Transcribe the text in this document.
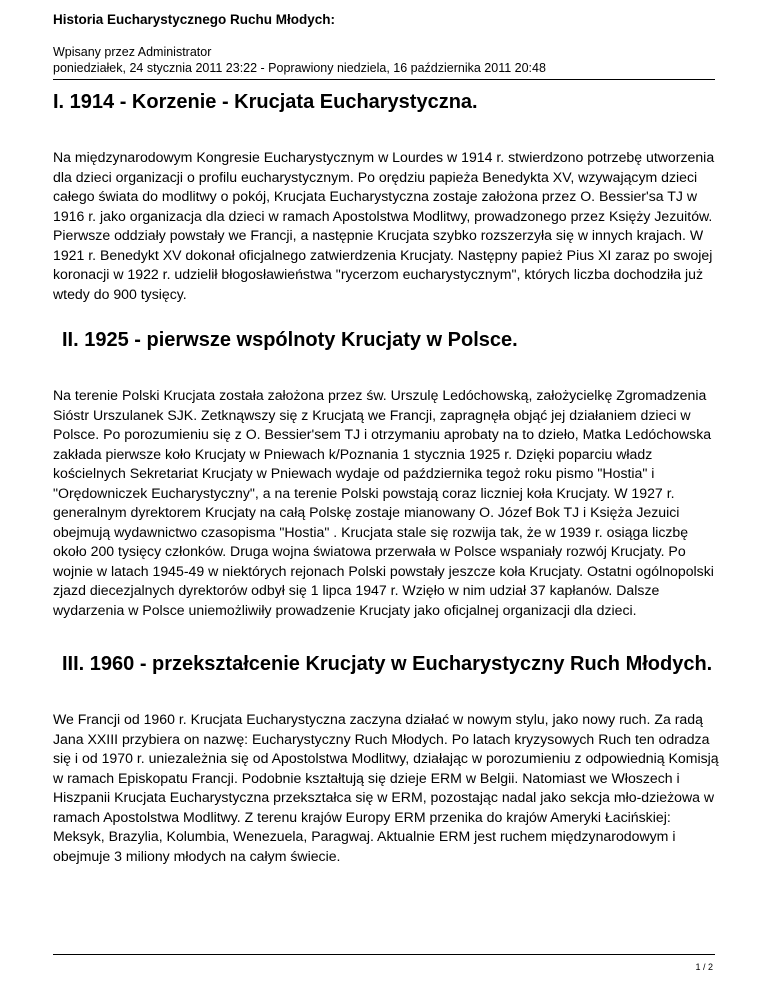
Historia Eucharystycznego Ruchu Młodych:
Wpisany przez Administrator
poniedziałek, 24 stycznia 2011 23:22 - Poprawiony niedziela, 16 października 2011 20:48
I. 1914 - Korzenie - Krucjata Eucharystyczna.

Na międzynarodowym Kongresie Eucharystycznym w Lourdes w 1914 r. stwierdzono potrzebę utworzenia dla dzieci organizacji o profilu eucharystycznym. Po orędziu papieża Benedykta XV, wzywającym dzieci całego świata do modlitwy o pokój, Krucjata Eucharystyczna zostaje założona przez O. Bessier'sa TJ w 1916 r. jako organizacja dla dzieci w ramach Apostolstwa Modlitwy, prowadzonego przez Księży Jezuitów. Pierwsze oddziały powstały we Francji, a następnie Krucjata szybko rozszerzyła się w innych krajach. W 1921 r. Benedykt XV dokonał oficjalnego zatwierdzenia Krucjaty. Następny papież Pius XI zaraz po swojej koronacji w 1922 r. udzielił błogosławieństwa "rycerzom eucharystycznym", których liczba dochodziła już wtedy do 900 tysięcy.

II. 1925 - pierwsze wspólnoty Krucjaty w Polsce.

Na terenie Polski Krucjata została założona przez św. Urszulę Ledóchowską, założycielkę Zgromadzenia Sióstr Urszulanek SJK. Zetknąwszy się z Krucjatą we Francji, zapragnęła objąć jej działaniem dzieci w Polsce. Po porozumieniu się z O. Bessier'sem TJ i otrzymaniu aprobaty na to dzieło, Matka Ledóchowska zakłada pierwsze koło Krucjaty w Pniewach k/Poznania 1 stycznia 1925 r. Dzięki poparciu władz kościelnych Sekretariat Krucjaty w Pniewach wydaje od października tegoż roku pismo "Hostia" i "Orędowniczek Eucharystyczny", a na terenie Polski powstają coraz liczniej koła Krucjaty. W 1927 r. generalnym dyrektorem Krucjaty na całą Polskę zostaje mianowany O. Józef Bok TJ i Księża Jezuici obejmują wydawnictwo czasopisma "Hostia" . Krucjata stale się rozwija tak, że w 1939 r. osiąga liczbę około 200 tysięcy członków. Druga wojna światowa przerwała w Polsce wspaniały rozwój Krucjaty. Po wojnie w latach 1945-49 w niektórych rejonach Polski powstały jeszcze koła Krucjaty. Ostatni ogólnopolski zjazd diecezjalnych dyrektorów odbył się 1 lipca 1947 r. Wzięło w nim udział 37 kapłanów. Dalsze wydarzenia w Polsce uniemożliwiły prowadzenie Krucjaty jako oficjalnej organizacji dla dzieci.

III. 1960 - przekształcenie Krucjaty w Eucharystyczny Ruch Młodych.

We Francji od 1960 r. Krucjata Eucharystyczna zaczyna działać w nowym stylu, jako nowy ruch. Za radą Jana XXIII przybiera on nazwę: Eucharystyczny Ruch Młodych. Po latach kryzysowych Ruch ten odradza się i od 1970 r. uniezależnia się od Apostolstwa Modlitwy, działając w porozumieniu z odpowiednią Komisją w ramach Episkopatu Francji. Podobnie kształtują się dzieje ERM w Belgii. Natomiast we Włoszech i Hiszpanii Krucjata Eucharystyczna przekształca się w ERM, pozostając nadal jako sekcja mło-dzieżowa w ramach Apostolstwa Modlitwy. Z terenu krajów Europy ERM przenika do krajów Ameryki Łacińskiej: Meksyk, Brazylia, Kolumbia, Wenezuela, Paragwaj. Aktualnie ERM jest ruchem międzynarodowym i obejmuje 3 miliony młodych na całym świecie.

1 / 2
